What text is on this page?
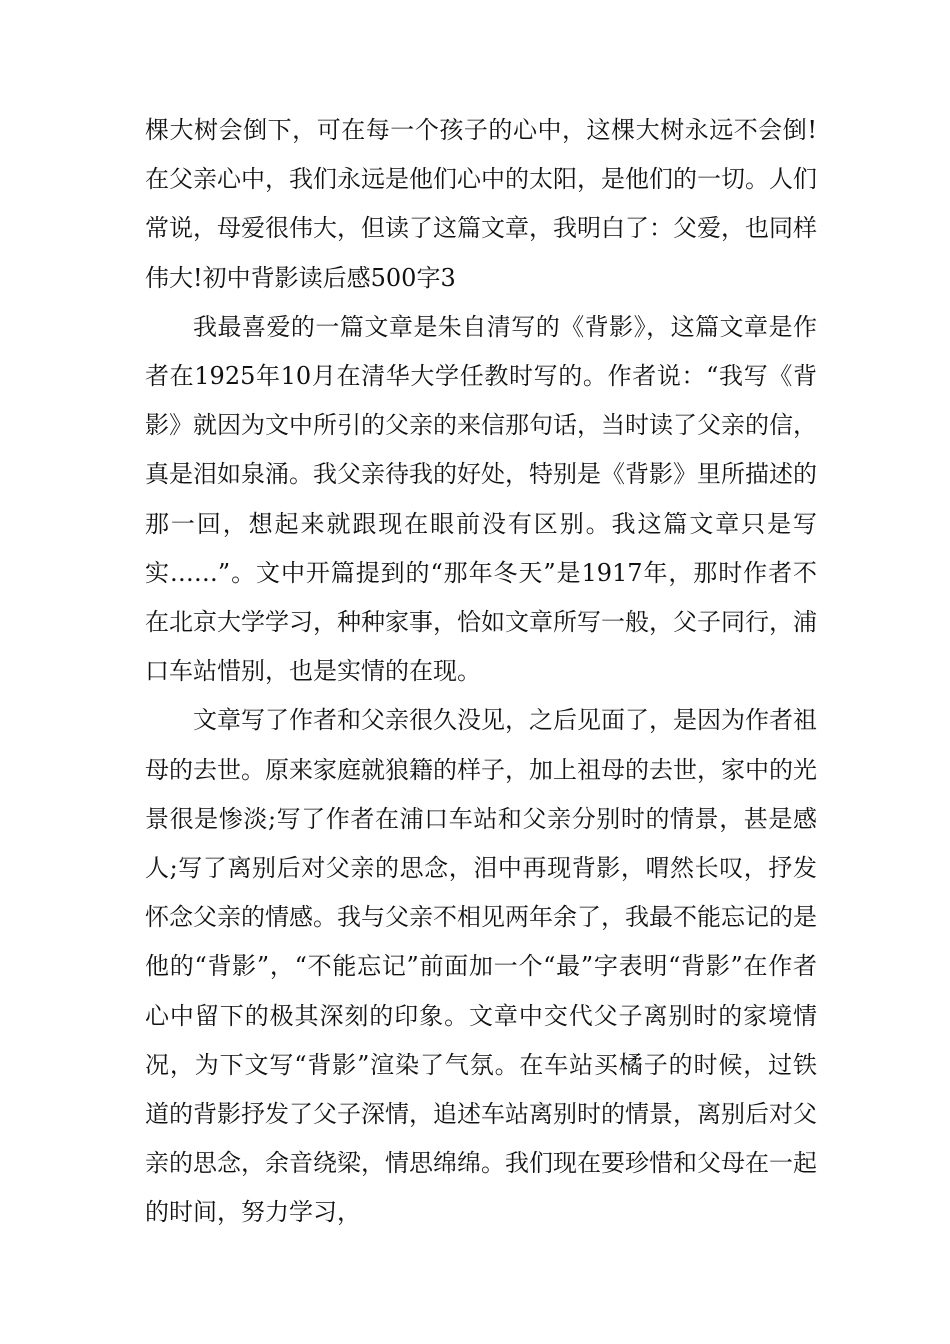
棵大树会倒下，可在每一个孩子的心中，这棵大树永远不会倒!在父亲心中，我们永远是他们心中的太阳，是他们的一切。人们常说，母爱很伟大，但读了这篇文章，我明白了：父爱，也同样伟大!初中背影读后感500字3

我最喜爱的一篇文章是朱自清写的《背影》，这篇文章是作者在1925年10月在清华大学任教时写的。作者说：“我写《背影》就因为文中所引的父亲的来信那句话，当时读了父亲的信，真是泪如泉涌。我父亲待我的好处，特别是《背影》里所描述的那一回，想起来就跟现在眼前没有区别。我这篇文章只是写实……”。文中开篇提到的“那年冬天”是1917年，那时作者不在北京大学学习，种种家事，恰如文章所写一般，父子同行，浦口车站惜别，也是实情的在现。

文章写了作者和父亲很久没见，之后见面了，是因为作者祖母的去世。原来家庭就狼籍的样子，加上祖母的去世，家中的光景很是惨淡;写了作者在浦口车站和父亲分别时的情景，甚是感人;写了离别后对父亲的思念，泪中再现背影，喟然长叹，抒发怀念父亲的情感。我与父亲不相见两年余了，我最不能忘记的是他的“背影”，“不能忘记”前面加一个“最”字表明“背影”在作者心中留下的极其深刻的印象。文章中交代父子离别时的家境情况，为下文写“背影”渲染了气氛。在车站买橘子的时候，过铁道的背影抒发了父子深情，追述车站离别时的情景，离别后对父亲的思念，余音绕梁，情思绵绵。我们现在要珍惜和父母在一起的时间，努力学习，
